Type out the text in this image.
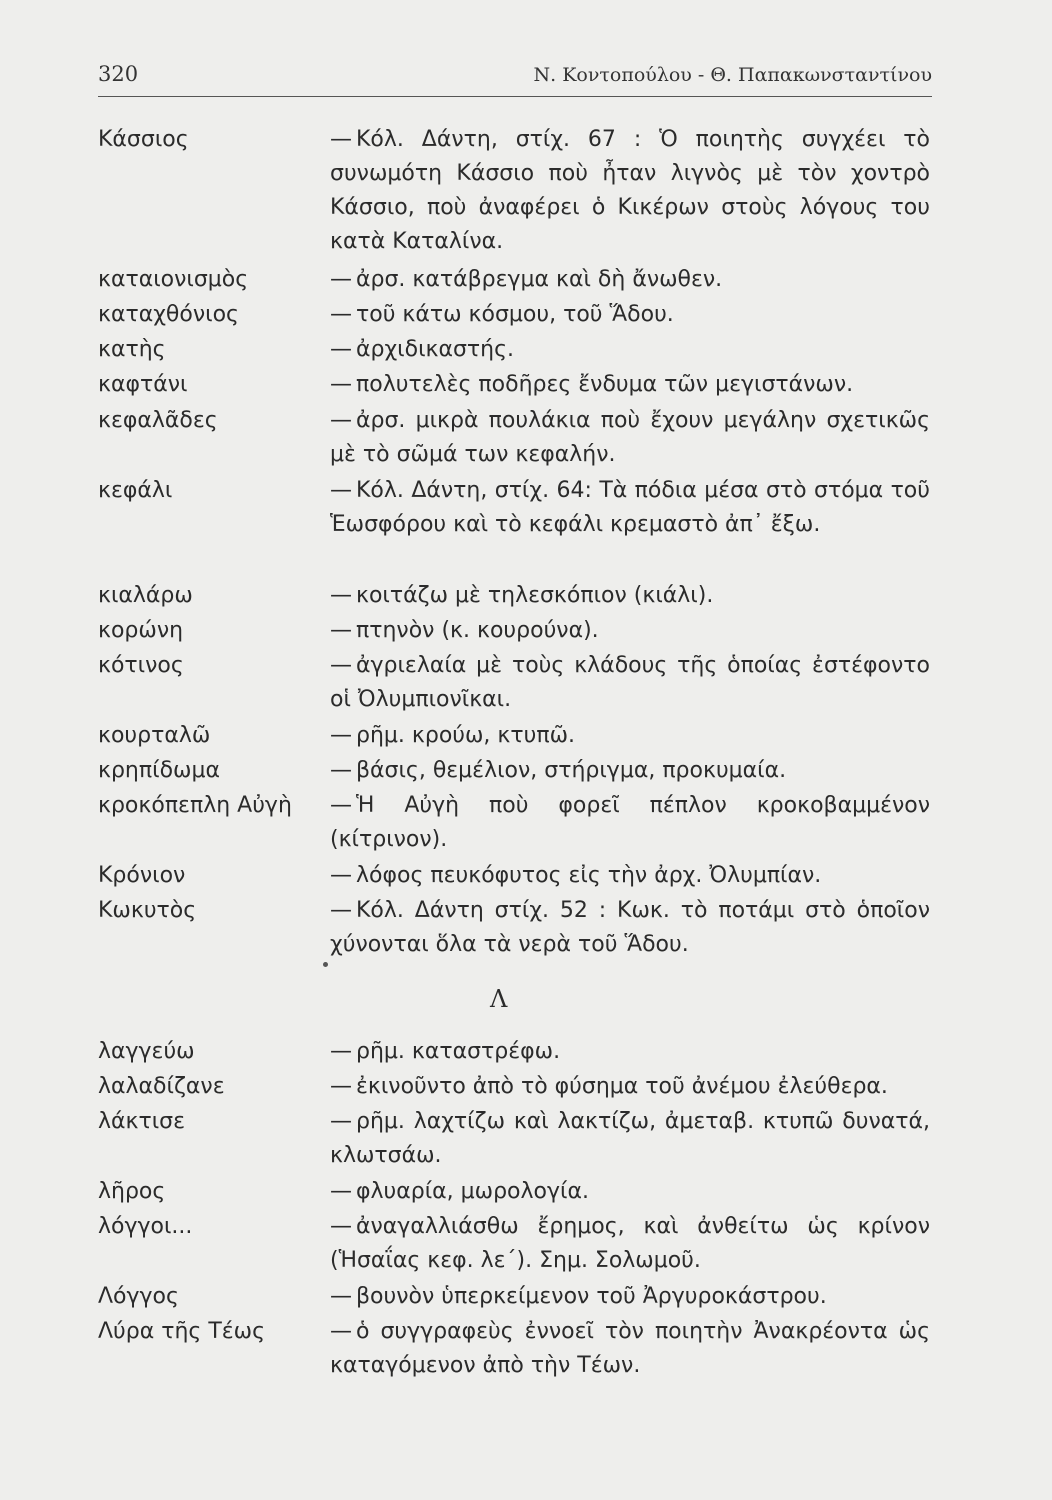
320	Ν. Κοντοπούλου - Θ. Παπακωνσταντίνου
Κάσσιος	— Κόλ. Δάντη, στίχ. 67 : Ὁ ποιητὴς συγχέει τὸ συνωμότη Κάσσιο ποὺ ἦταν λιγνὸς μὲ τὸν χοντρὸ Κάσσιο, ποὺ ἀναφέρει ὁ Κικέρων στοὺς λόγους του κατὰ Καταλίνα.
καταιονισμὸς	— ἀρσ. κατάβρεγμα καὶ δὴ ἄνωθεν.
καταχθόνιος	— τοῦ κάτω κόσμου, τοῦ Ἅδου.
κατὴς	— ἀρχιδικαστής.
καφτάνι	— πολυτελὲς ποδῆρες ἔνδυμα τῶν μεγιστάνων.
κεφαλᾶδες	— ἀρσ. μικρὰ πουλάκια ποὺ ἔχουν μεγάλην σχετικῶς μὲ τὸ σῶμά των κεφαλήν.
κεφάλι	— Κόλ. Δάντη, στίχ. 64: Τὰ πόδια μέσα στὸ στόμα τοῦ Ἑωσφόρου καὶ τὸ κεφάλι κρεμαστὸ ἀπ᾿ ἔξω.
κιαλάρω	— κοιτάζω μὲ τηλεσκόπιον (κιάλι).
κορώνη	— πτηνὸν (κ. κουρούνα).
κότινος	— ἀγριελαία μὲ τοὺς κλάδους τῆς ὁποίας ἐστέφοντο οἱ Ὀλυμπιονῖκαι.
κουρταλῶ	— ρῆμ. κρούω, κτυπῶ.
κρηπίδωμα	— βάσις, θεμέλιον, στήριγμα, προκυμαία.
κροκόπεπλη Αὐγὴ — Ἡ Αὐγὴ ποὺ φορεῖ πέπλον κροκοβαμμένον (κίτρινον).
Κρόνιον	— λόφος πευκόφυτος εἰς τὴν ἀρχ. Ὀλυμπίαν.
Κωκυτὸς	— Κόλ. Δάντη στίχ. 52 : Κωκ. τὸ ποτάμι στὸ ὁποῖον χύνονται ὅλα τὰ νερὰ τοῦ Ἅδου.
Λ
λαγγεύω	— ρῆμ. καταστρέφω.
λαλαδίζανε	— ἐκινοῦντο ἀπὸ τὸ φύσημα τοῦ ἀνέμου ἐλεύθερα.
λάκτισε	— ρῆμ. λαχτίζω καὶ λακτίζω, ἀμεταβ. κτυπῶ δυνατά, κλωτσάω.
λῆρος	— φλυαρία, μωρολογία.
λόγγοι...	— ἀναγαλλιάσθω ἔρημος, καὶ ἀνθείτω ὡς κρίνον (Ἡσαΐας κεφ. λε΄). Σημ. Σολωμοῦ.
Λόγγος	— βουνὸν ὑπερκείμενον τοῦ Ἀργυροκάστρου.
Λύρα τῆς Τέως	— ὁ συγγραφεὺς ἐννοεῖ τὸν ποιητὴν Ἀνακρέοντα ὡς καταγόμενον ἀπὸ τὴν Τέων.
